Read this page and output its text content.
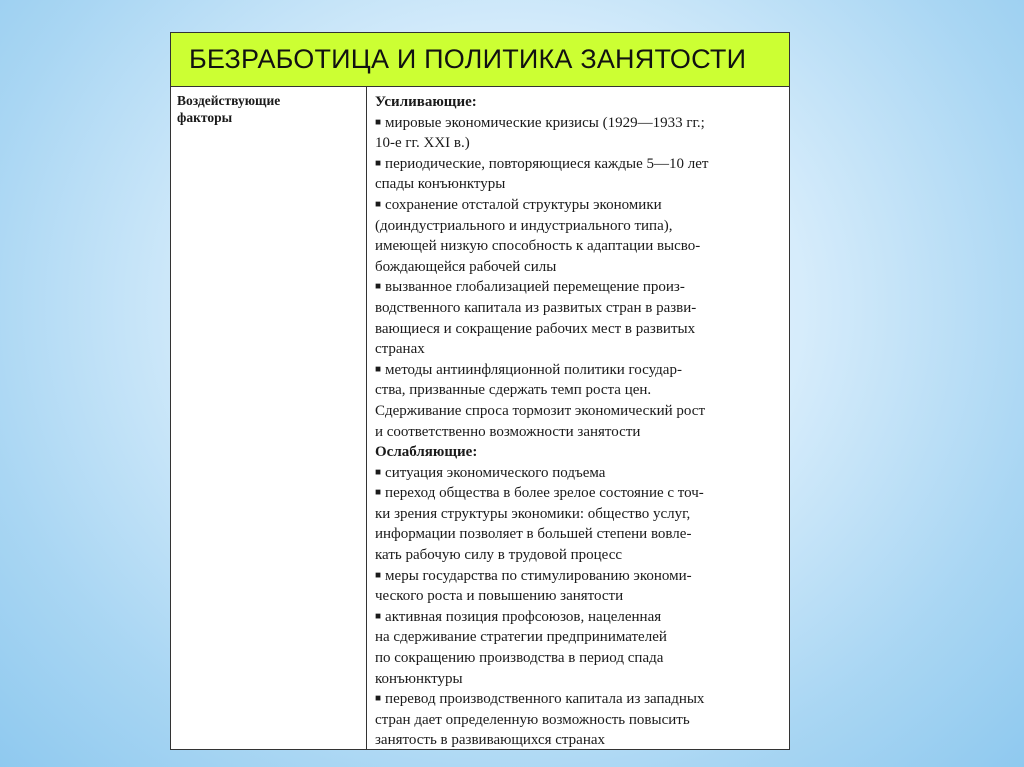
БЕЗРАБОТИЦА И ПОЛИТИКА ЗАНЯТОСТИ
Воздействующие
факторы
Усиливающие:
■ мировые экономические кризисы (1929—1933 гг.;
10-е гг. XXI в.)
■ периодические, повторяющиеся каждые 5—10 лет
спады конъюнктуры
■ сохранение отсталой структуры экономики
(доиндустриального и индустриального типа),
имеющей низкую способность к адаптации высво-
бождающейся рабочей силы
■ вызванное глобализацией перемещение произ-
водственного капитала из развитых стран в разви-
вающиеся и сокращение рабочих мест в развитых
странах
■ методы антиинфляционной политики государ-
ства, призванные сдержать темп роста цен.
Сдерживание спроса тормозит экономический рост
и соответственно возможности занятости
Ослабляющие:
■ ситуация экономического подъема
■ переход общества в более зрелое состояние с точ-
ки зрения структуры экономики: общество услуг,
информации позволяет в большей степени вовле-
кать рабочую силу в трудовой процесс
■ меры государства по стимулированию экономи-
ческого роста и повышению занятости
■ активная позиция профсоюзов, нацеленная
на сдерживание стратегии предпринимателей
по сокращению производства в период спада
конъюнктуры
■ перевод производственного капитала из западных
стран дает определенную возможность повысить
занятость в развивающихся странах
